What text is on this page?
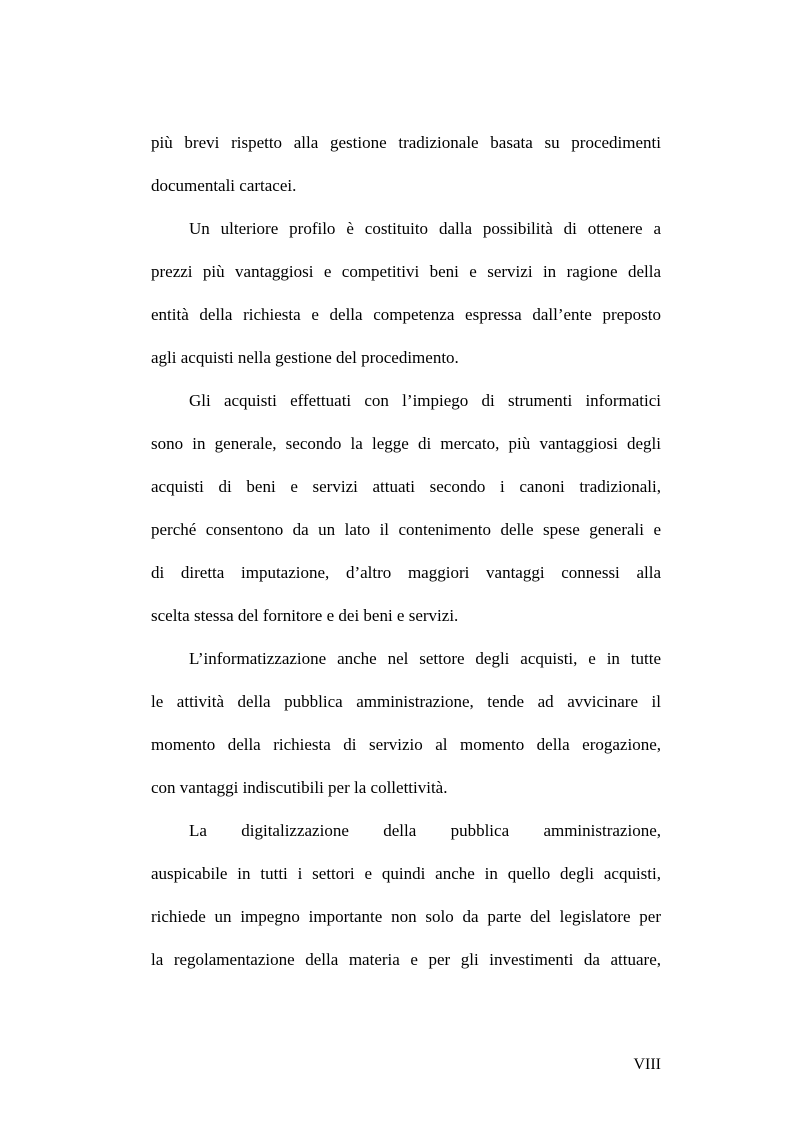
più brevi rispetto alla gestione tradizionale basata su procedimenti
documentali cartacei.
Un ulteriore profilo è costituito dalla possibilità di ottenere a
prezzi più vantaggiosi e competitivi beni e servizi in ragione della
entità della richiesta e della competenza espressa dall’ente preposto
agli acquisti nella gestione del procedimento.
Gli acquisti effettuati con l’impiego di strumenti informatici
sono in generale, secondo la legge di mercato, più vantaggiosi degli
acquisti di beni e servizi attuati secondo i canoni tradizionali,
perché consentono da un lato il contenimento delle spese generali e
di diretta imputazione, d’altro maggiori vantaggi connessi alla
scelta stessa del fornitore e dei beni e servizi.
L’informatizzazione anche nel settore degli acquisti, e in tutte
le attività della pubblica amministrazione, tende ad avvicinare il
momento della richiesta di servizio al momento della erogazione,
con vantaggi indiscutibili per la collettività.
La digitalizzazione della pubblica amministrazione,
auspicabile in tutti i settori e quindi anche in quello degli acquisti,
richiede un impegno importante non solo da parte del legislatore per
la regolamentazione della materia e per gli investimenti da attuare,
VIII
